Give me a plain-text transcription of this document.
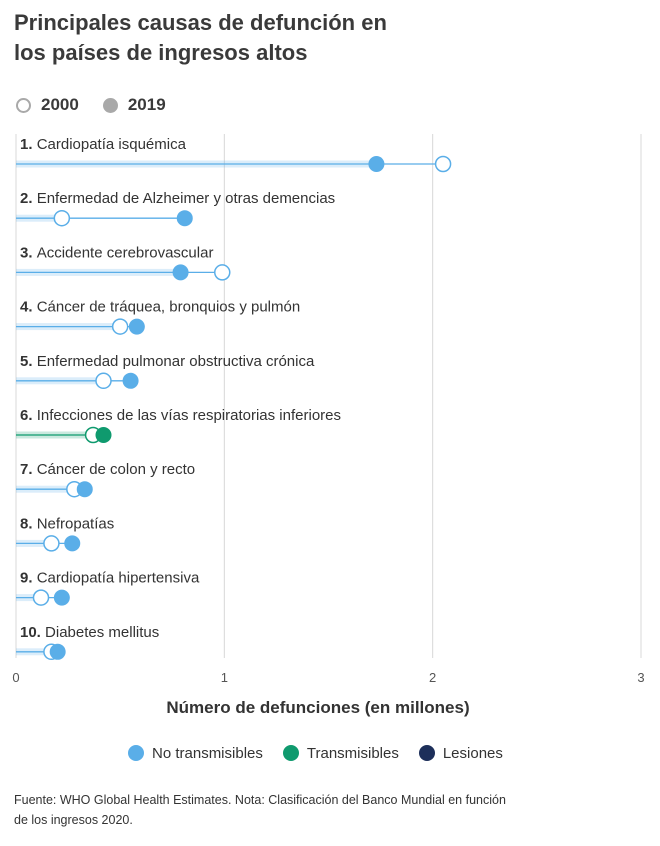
Principales causas de defunción en
los países de ingresos altos
2000	2019
0	1	2	3
Número de defunciones (en millones)
1. Cardiopatía isquémica
2. Enfermedad de Alzheimer y otras demencias
3. Accidente cerebrovascular
4. Cáncer de tráquea, bronquios y pulmón
5. Enfermedad pulmonar obstructiva crónica
6. Infecciones de las vías respiratorias inferiores
7. Cáncer de colon y recto
8. Nefropatías
9. Cardiopatía hipertensiva
10. Diabetes mellitus
No transmisibles	Transmisibles	Lesiones

Fuente: WHO Global Health Estimates. Nota: Clasificación del Banco Mundial en función
de los ingresos 2020.
